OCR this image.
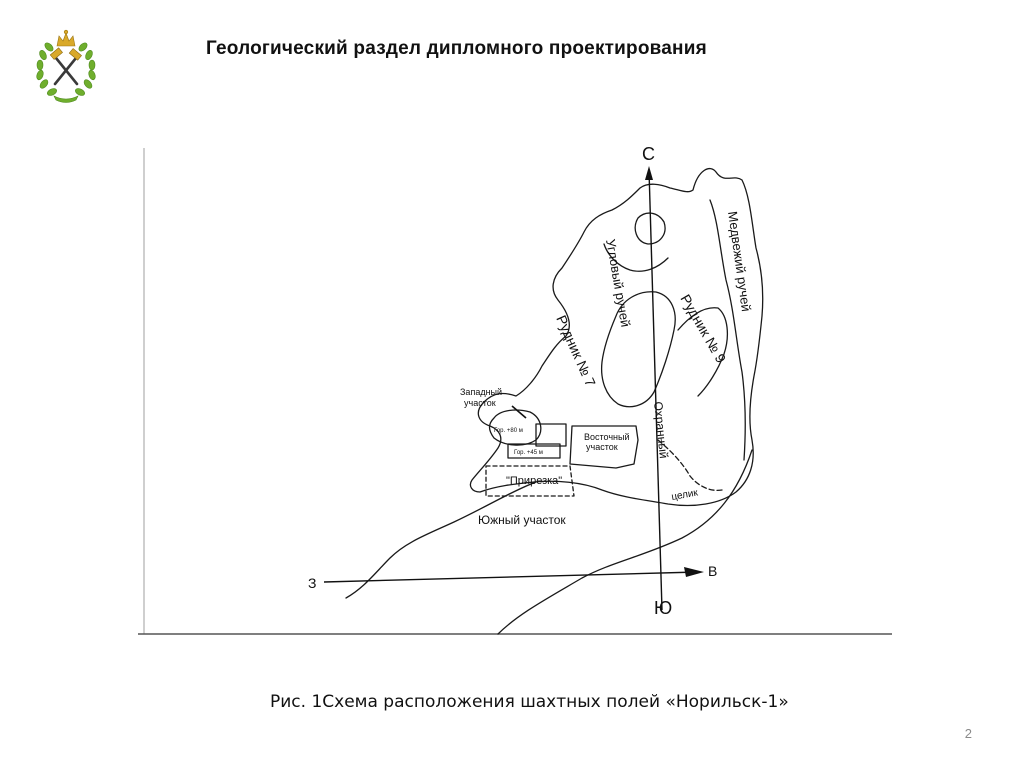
Геологический раздел дипломного проектирования
С
Ю
З
В
Угловый ручей	Медвежий ручей
Рудник № 7	Рудник № 9
Охранный
Западный
участок
Гор. +80 м
Гор. +45 м
Восточный
участок
"Прирезка"
Южный участок
целик
Рис. 1Схема расположения шахтных полей «Норильск-1»
2
